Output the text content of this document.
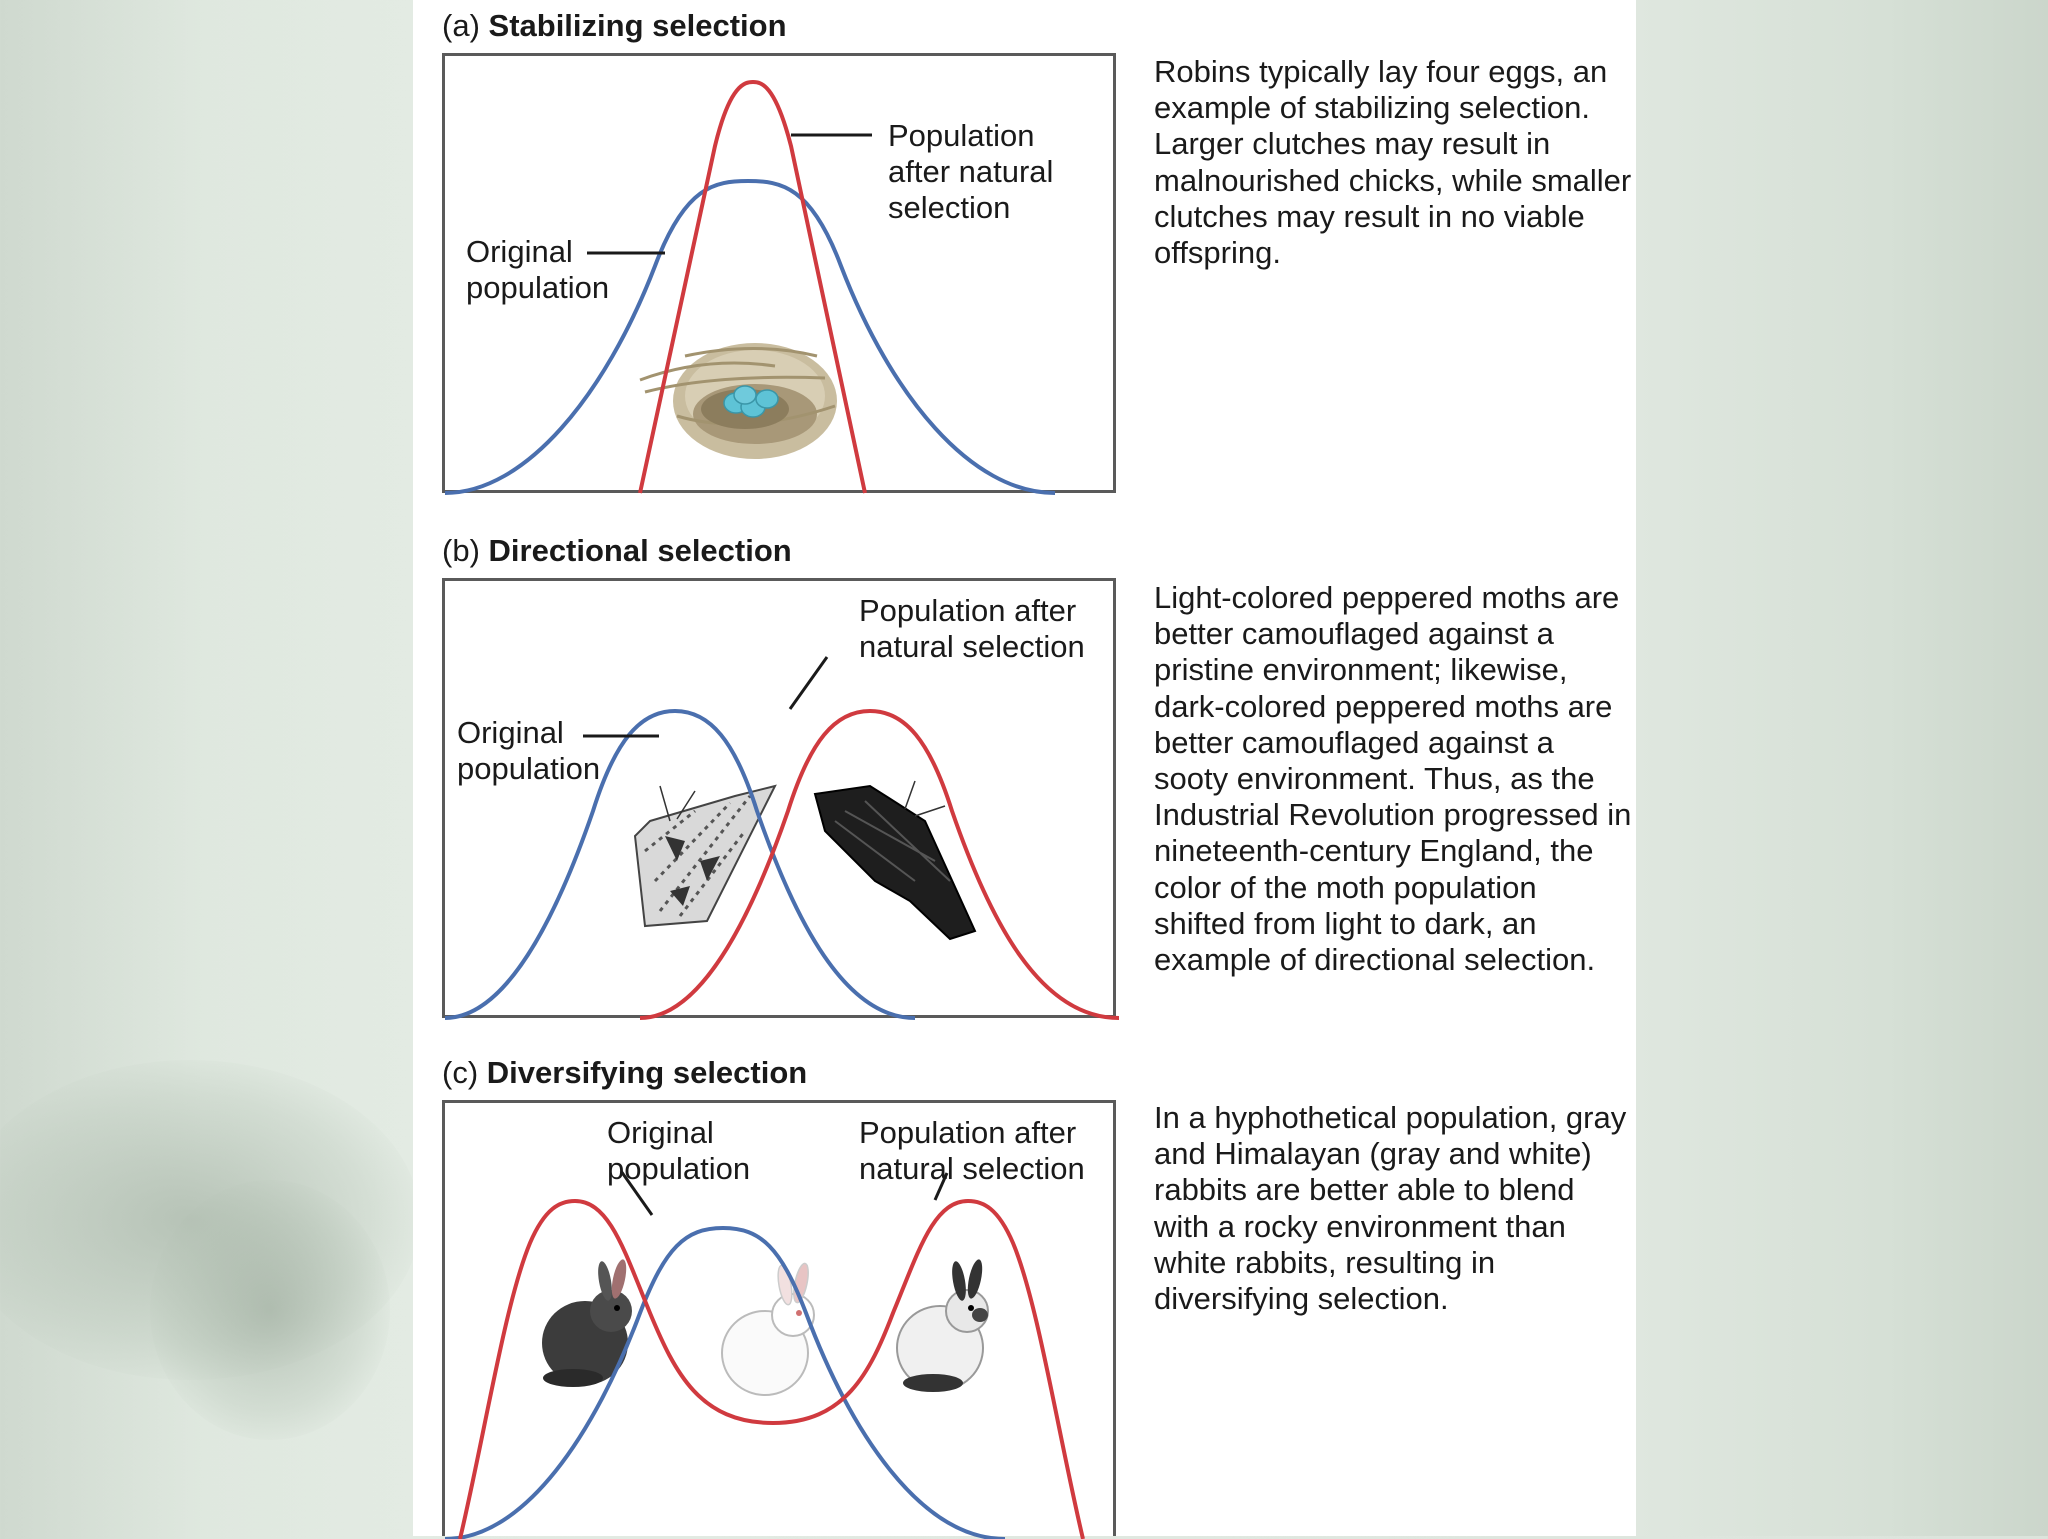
(a) Stabilizing selection
Population
after natural
selection
Original
population
Robins typically lay four eggs, an example of stabilizing selection. Larger clutches may result in malnourished chicks, while smaller clutches may result in no viable offspring.
(b) Directional selection
Population after
natural selection
Original
population
Light-colored peppered moths are better camouflaged against a pristine environment; likewise, dark-colored peppered moths are better camouflaged against a sooty environment. Thus, as the Industrial Revolution progressed in nineteenth-century England, the color of the moth population shifted from light to dark, an example of directional selection.
(c) Diversifying selection
Original
population
Population after
natural selection
In a hyphothetical population, gray and Himalayan (gray and white) rabbits are better able to blend with a rocky environment than white rabbits, resulting in diversifying selection.
